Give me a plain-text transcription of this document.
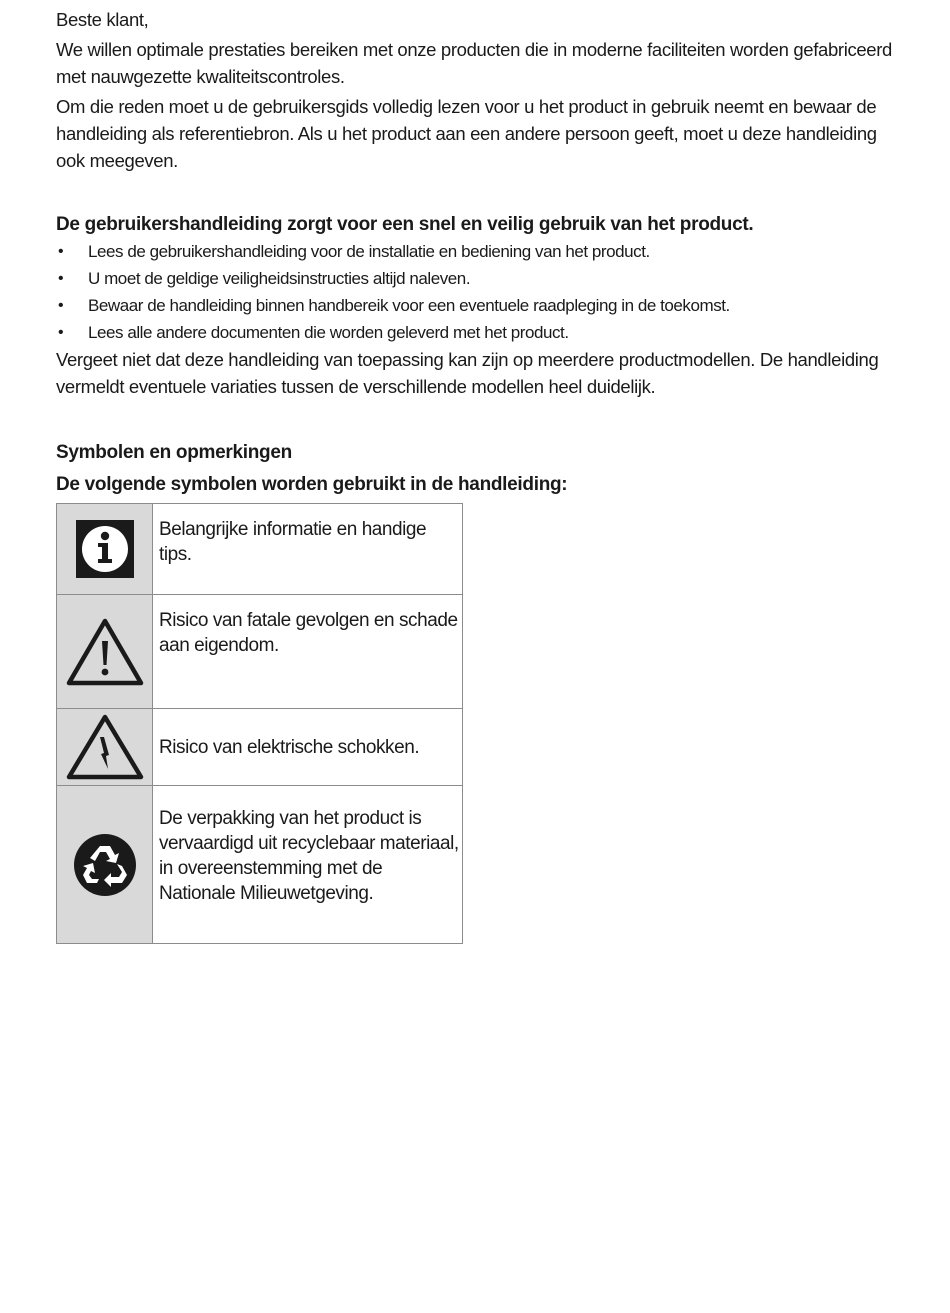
Beste klant,

We willen optimale prestaties bereiken met onze producten die in moderne faciliteiten worden gefabriceerd met nauwgezette kwaliteitscontroles.

Om die reden moet u de gebruikersgids volledig lezen voor u het product in gebruik neemt en bewaar de handleiding als referentiebron. Als u het product aan een andere persoon geeft, moet u deze handleiding ook meegeven.

De gebruikershandleiding zorgt voor een snel en veilig gebruik van het product.

• Lees de gebruikershandleiding voor de installatie en bediening van het product.
• U moet de geldige veiligheidsinstructies altijd naleven.
• Bewaar de handleiding binnen handbereik voor een eventuele raadpleging in de toekomst.
• Lees alle andere documenten die worden geleverd met het product.

Vergeet niet dat deze handleiding van toepassing kan zijn op meerdere productmodellen. De handleiding vermeldt eventuele variaties tussen de verschillende modellen heel duidelijk.

Symbolen en opmerkingen

De volgende symbolen worden gebruikt in de handleiding:

	Belangrijke informatie en handige tips.

	Risico van fatale gevolgen en schade aan eigendom.

	Risico van elektrische schokken.

	De verpakking van het product is vervaardigd uit recyclebaar materiaal, in overeenstemming met de Nationale Milieuwetgeving.
